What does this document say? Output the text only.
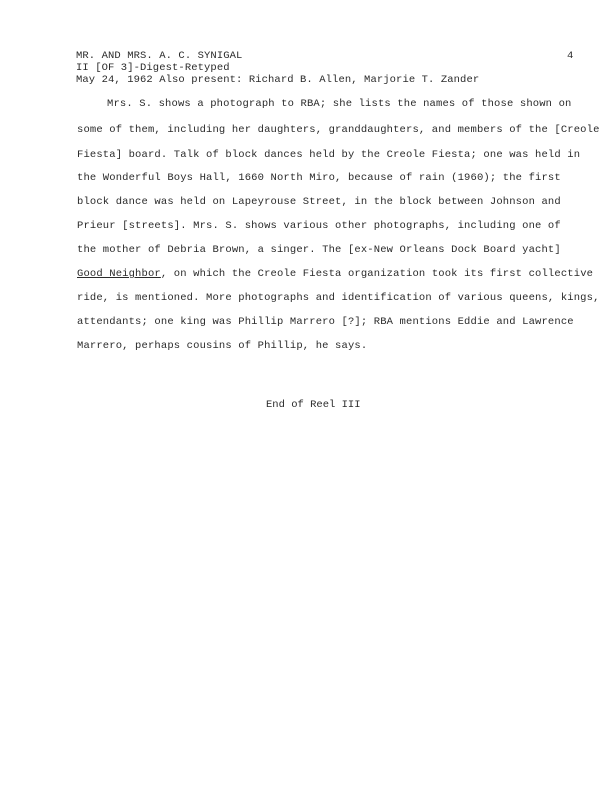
MR. AND MRS. A. C. SYNIGAL
II [OF 3]-Digest-Retyped
May 24, 1962 Also present: Richard B. Allen, Marjorie T. Zander
4
Mrs. S. shows a photograph to RBA; she lists the names of those shown on
some of them, including her daughters, granddaughters, and members of the [Creole
Fiesta] board. Talk of block dances held by the Creole Fiesta; one was held in
the Wonderful Boys Hall, 1660 North Miro, because of rain (1960); the first
block dance was held on Lapeyrouse Street, in the block between Johnson and
Prieur [streets]. Mrs. S. shows various other photographs, including one of
the mother of Debria Brown, a singer. The [ex-New Orleans Dock Board yacht]
Good Neighbor, on which the Creole Fiesta organization took its first collective
ride, is mentioned. More photographs and identification of various queens, kings,
attendants; one king was Phillip Marrero [?]; RBA mentions Eddie and Lawrence
Marrero, perhaps cousins of Phillip, he says.
End of Reel III
